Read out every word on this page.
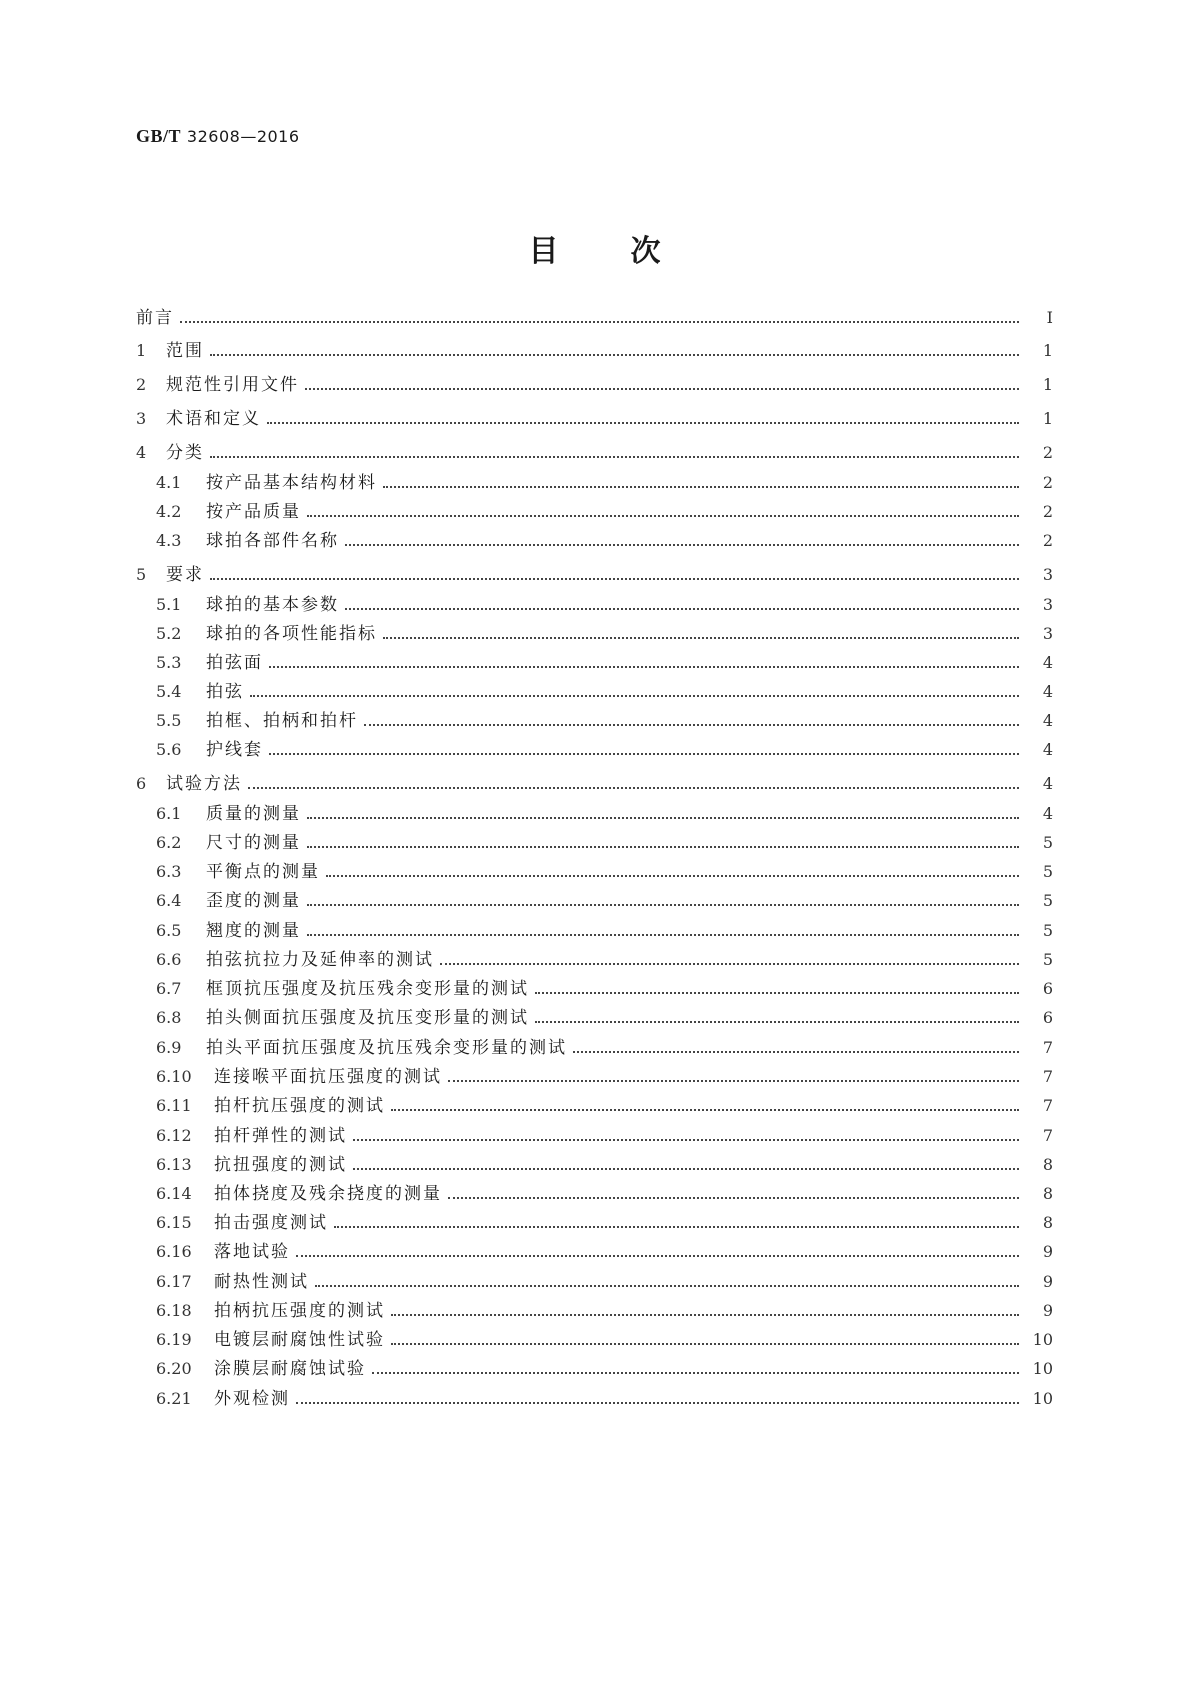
GB/T 32608—2016
目 次
前言	Ⅰ
1	范围	1
2	规范性引用文件	1
3	术语和定义	1
4	分类	2
4.1	按产品基本结构材料	2
4.2	按产品质量	2
4.3	球拍各部件名称	2
5	要求	3
5.1	球拍的基本参数	3
5.2	球拍的各项性能指标	3
5.3	拍弦面	4
5.4	拍弦	4
5.5	拍框、拍柄和拍杆	4
5.6	护线套	4
6	试验方法	4
6.1	质量的测量	4
6.2	尺寸的测量	5
6.3	平衡点的测量	5
6.4	歪度的测量	5
6.5	翘度的测量	5
6.6	拍弦抗拉力及延伸率的测试	5
6.7	框顶抗压强度及抗压残余变形量的测试	6
6.8	拍头侧面抗压强度及抗压变形量的测试	6
6.9	拍头平面抗压强度及抗压残余变形量的测试	7
6.10	连接喉平面抗压强度的测试	7
6.11	拍杆抗压强度的测试	7
6.12	拍杆弹性的测试	7
6.13	抗扭强度的测试	8
6.14	拍体挠度及残余挠度的测量	8
6.15	拍击强度测试	8
6.16	落地试验	9
6.17	耐热性测试	9
6.18	拍柄抗压强度的测试	9
6.19	电镀层耐腐蚀性试验	10
6.20	涂膜层耐腐蚀试验	10
6.21	外观检测	10
